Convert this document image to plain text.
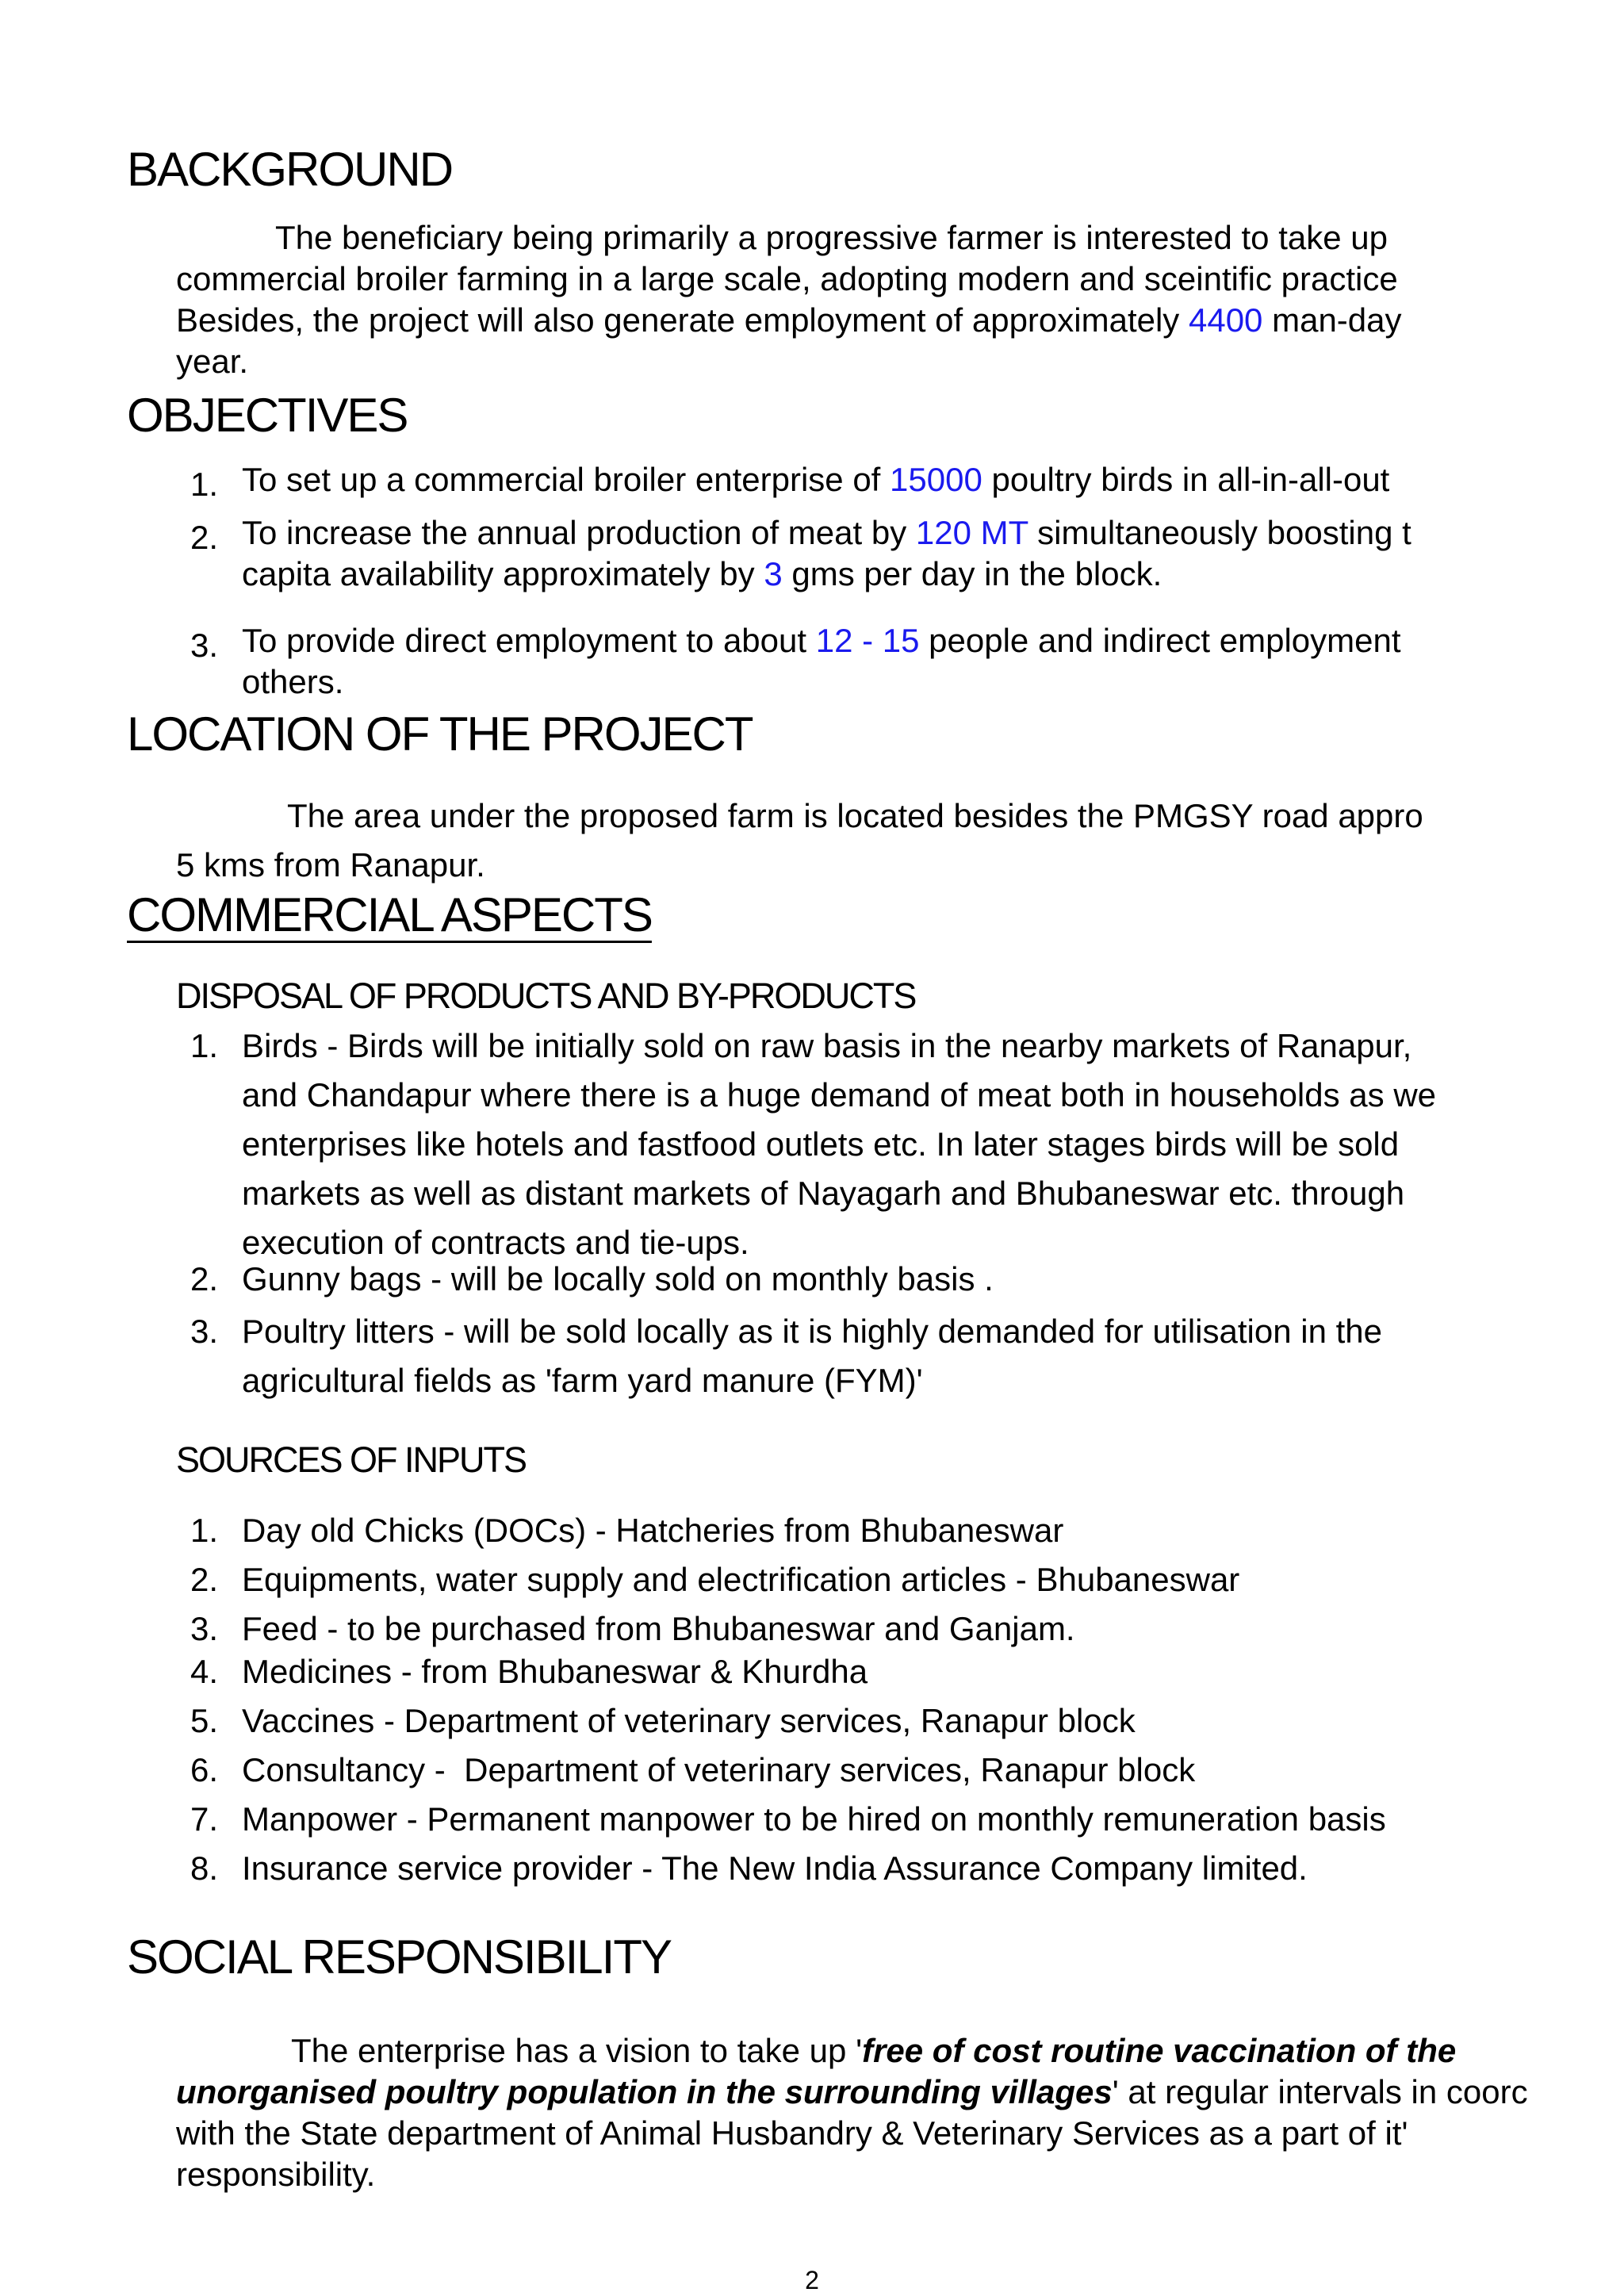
BACKGROUND
The beneficiary being primarily a progressive farmer is interested to take up
commercial broiler farming in a large scale, adopting modern and sceintific practice
Besides, the project will also generate employment of approximately 4400 man-day
year.
OBJECTIVES
1. To set up a commercial broiler enterprise of 15000 poultry birds in all-in-all-out
2. To increase the annual production of meat by 120 MT simultaneously boosting t
capita availability approximately by 3 gms per day in the block.
3. To provide direct employment to about 12 - 15 people and indirect employment
others.
LOCATION OF THE PROJECT
The area under the proposed farm is located besides the PMGSY road appro
5 kms from Ranapur.
COMMERCIAL ASPECTS
DISPOSAL OF PRODUCTS AND BY-PRODUCTS
1. Birds - Birds will be initially sold on raw basis in the nearby markets of Ranapur,
and Chandapur where there is a huge demand of meat both in households as we
enterprises like hotels and fastfood outlets etc. In later stages birds will be sold
markets as well as distant markets of Nayagarh and Bhubaneswar etc. through
execution of contracts and tie-ups.
2. Gunny bags - will be locally sold on monthly basis .
3. Poultry litters - will be sold locally as it is highly demanded for utilisation in the
agricultural fields as 'farm yard manure (FYM)'
SOURCES OF INPUTS
1. Day old Chicks (DOCs) - Hatcheries from Bhubaneswar
2. Equipments, water supply and electrification articles - Bhubaneswar
3. Feed - to be purchased from Bhubaneswar and Ganjam.
4. Medicines - from Bhubaneswar & Khurdha
5. Vaccines - Department of veterinary services, Ranapur block
6. Consultancy -  Department of veterinary services, Ranapur block
7. Manpower - Permanent manpower to be hired on monthly remuneration basis
8. Insurance service provider - The New India Assurance Company limited.
SOCIAL RESPONSIBILITY
The enterprise has a vision to take up 'free of cost routine vaccination of the
unorganised poultry population in the surrounding villages' at regular intervals in coorc
with the State department of Animal Husbandry & Veterinary Services as a part of it'
responsibility.
2
